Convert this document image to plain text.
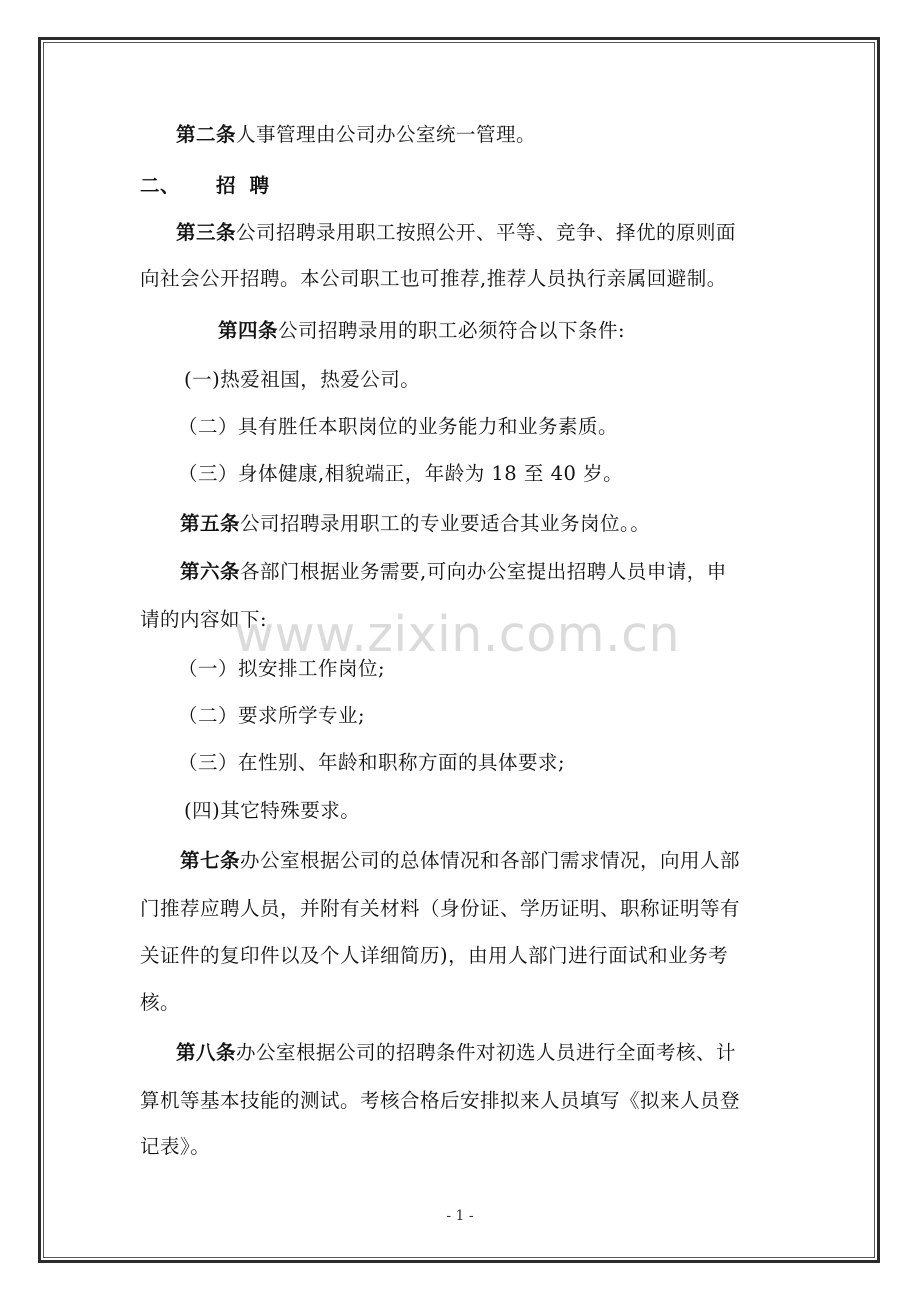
第二条人事管理由公司办公室统一管理。
二、 招聘
第三条公司招聘录用职工按照公开、平等、竞争、择优的原则面
向社会公开招聘。本公司职工也可推荐,推荐人员执行亲属回避制。
第四条公司招聘录用的职工必须符合以下条件:
(一)热爱祖国，热爱公司。
（二）具有胜任本职岗位的业务能力和业务素质。
（三）身体健康,相貌端正，年龄为 18 至 40 岁。
第五条公司招聘录用职工的专业要适合其业务岗位。。
第六条各部门根据业务需要,可向办公室提出招聘人员申请，申
请的内容如下:
（一）拟安排工作岗位;
（二）要求所学专业;
（三）在性别、年龄和职称方面的具体要求;
(四)其它特殊要求。
第七条办公室根据公司的总体情况和各部门需求情况，向用人部
门推荐应聘人员，并附有关材料（身份证、学历证明、职称证明等有
关证件的复印件以及个人详细简历)，由用人部门进行面试和业务考
核。
第八条办公室根据公司的招聘条件对初选人员进行全面考核、计
算机等基本技能的测试。考核合格后安排拟来人员填写《拟来人员登
记表》。
www.zixin.com.cn
- 1 -
